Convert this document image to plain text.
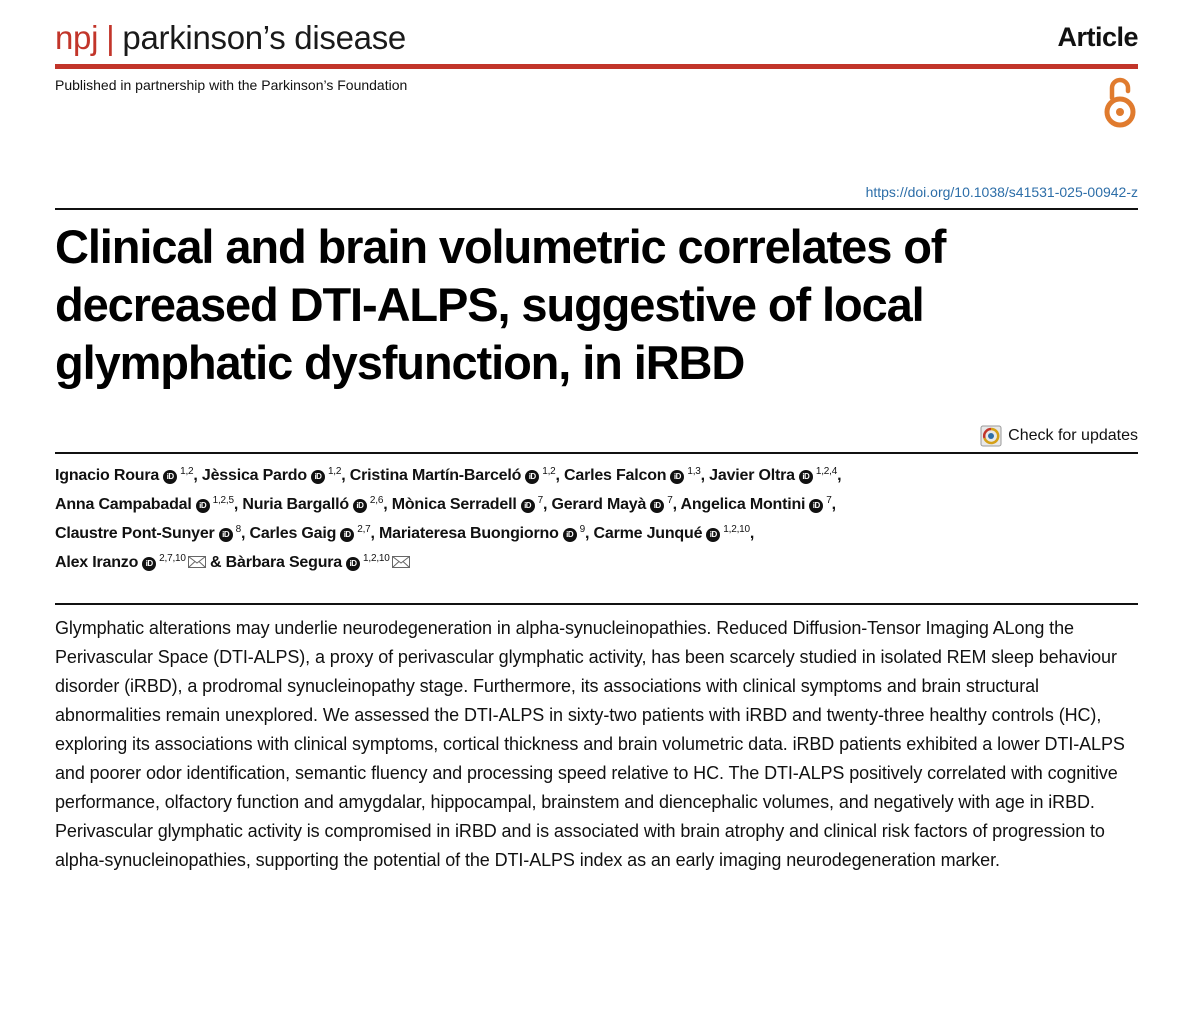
npj | parkinson’s disease	Article
Published in partnership with the Parkinson’s Foundation
https://doi.org/10.1038/s41531-025-00942-z
Clinical and brain volumetric correlates of decreased DTI-ALPS, suggestive of local glymphatic dysfunction, in iRBD
Check for updates
Ignacio Roura iD $^{1,2}$, Jèssica Pardo iD $^{1,2}$, Cristina Martín-Barceló iD $^{1,2}$, Carles Falcon iD $^{1,3}$, Javier Oltra iD $^{1,2,4}$,
Anna Campabadal iD $^{1,2,5}$, Nuria Bargalló iD $^{2,6}$, Mònica Serradell iD $^7$, Gerard Mayà iD $^7$, Angelica Montini iD $^7$,
Claustre Pont-Sunyer iD $^8$, Carles Gaig iD $^{2,7}$, Mariateresa Buongiorno iD $^9$, Carme Junqué iD $^{1,2,10}$,
Alex Iranzo iD $^{2,7,10}$ & Bàrbara Segura iD $^{1,2,10}$

Glymphatic alterations may underlie neurodegeneration in alpha-synucleinopathies. Reduced Diffusion-Tensor Imaging ALong the Perivascular Space (DTI-ALPS), a proxy of perivascular glymphatic activity, has been scarcely studied in isolated REM sleep behaviour disorder (iRBD), a prodromal synucleinopathy stage. Furthermore, its associations with clinical symptoms and brain structural abnormalities remain unexplored. We assessed the DTI-ALPS in sixty-two patients with iRBD and twenty-three healthy controls (HC), exploring its associations with clinical symptoms, cortical thickness and brain volumetric data. iRBD patients exhibited a lower DTI-ALPS and poorer odor identification, semantic fluency and processing speed relative to HC. The DTI-ALPS positively correlated with cognitive performance, olfactory function and amygdalar, hippocampal, brainstem and diencephalic volumes, and negatively with age in iRBD. Perivascular glymphatic activity is compromised in iRBD and is associated with brain atrophy and clinical risk factors of progression to alpha-synucleinopathies, supporting the potential of the DTI-ALPS index as an early imaging neurodegeneration marker.
